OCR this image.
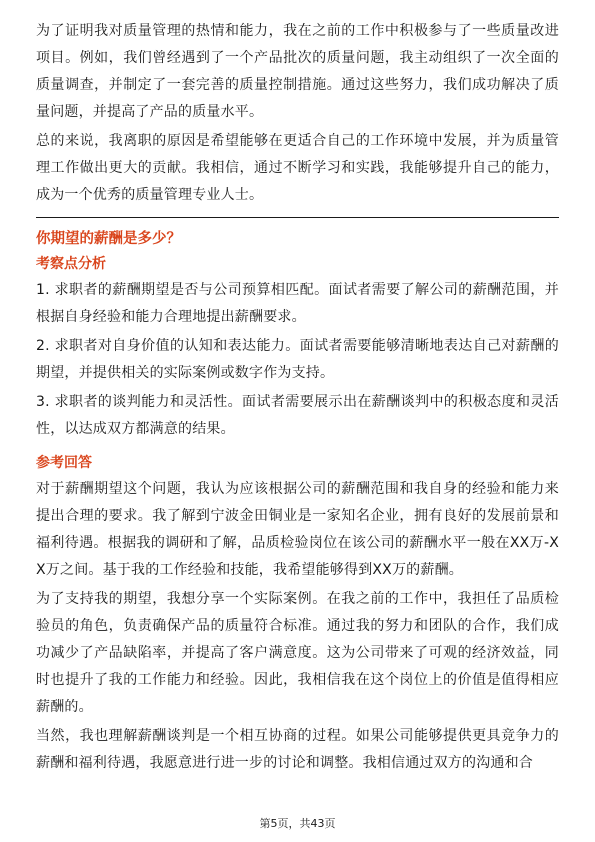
为了证明我对质量管理的热情和能力，我在之前的工作中积极参与了一些质量改进项目。例如，我们曾经遇到了一个产品批次的质量问题，我主动组织了一次全面的质量调查，并制定了一套完善的质量控制措施。通过这些努力，我们成功解决了质量问题，并提高了产品的质量水平。

总的来说，我离职的原因是希望能够在更适合自己的工作环境中发展，并为质量管理工作做出更大的贡献。我相信，通过不断学习和实践，我能够提升自己的能力，成为一个优秀的质量管理专业人士。

你期望的薪酬是多少？

考察点分析

1. 求职者的薪酬期望是否与公司预算相匹配。面试者需要了解公司的薪酬范围，并根据自身经验和能力合理地提出薪酬要求。

2. 求职者对自身价值的认知和表达能力。面试者需要能够清晰地表达自己对薪酬的期望，并提供相关的实际案例或数字作为支持。

3. 求职者的谈判能力和灵活性。面试者需要展示出在薪酬谈判中的积极态度和灵活性，以达成双方都满意的结果。

参考回答

对于薪酬期望这个问题，我认为应该根据公司的薪酬范围和我自身的经验和能力来提出合理的要求。我了解到宁波金田铜业是一家知名企业，拥有良好的发展前景和福利待遇。根据我的调研和了解，品质检验岗位在该公司的薪酬水平一般在XX万-XX万之间。基于我的工作经验和技能，我希望能够得到XX万的薪酬。

为了支持我的期望，我想分享一个实际案例。在我之前的工作中，我担任了品质检验员的角色，负责确保产品的质量符合标准。通过我的努力和团队的合作，我们成功减少了产品缺陷率，并提高了客户满意度。这为公司带来了可观的经济效益，同时也提升了我的工作能力和经验。因此，我相信我在这个岗位上的价值是值得相应薪酬的。

当然，我也理解薪酬谈判是一个相互协商的过程。如果公司能够提供更具竞争力的薪酬和福利待遇，我愿意进行进一步的讨论和调整。我相信通过双方的沟通和合

第5页，共43页
